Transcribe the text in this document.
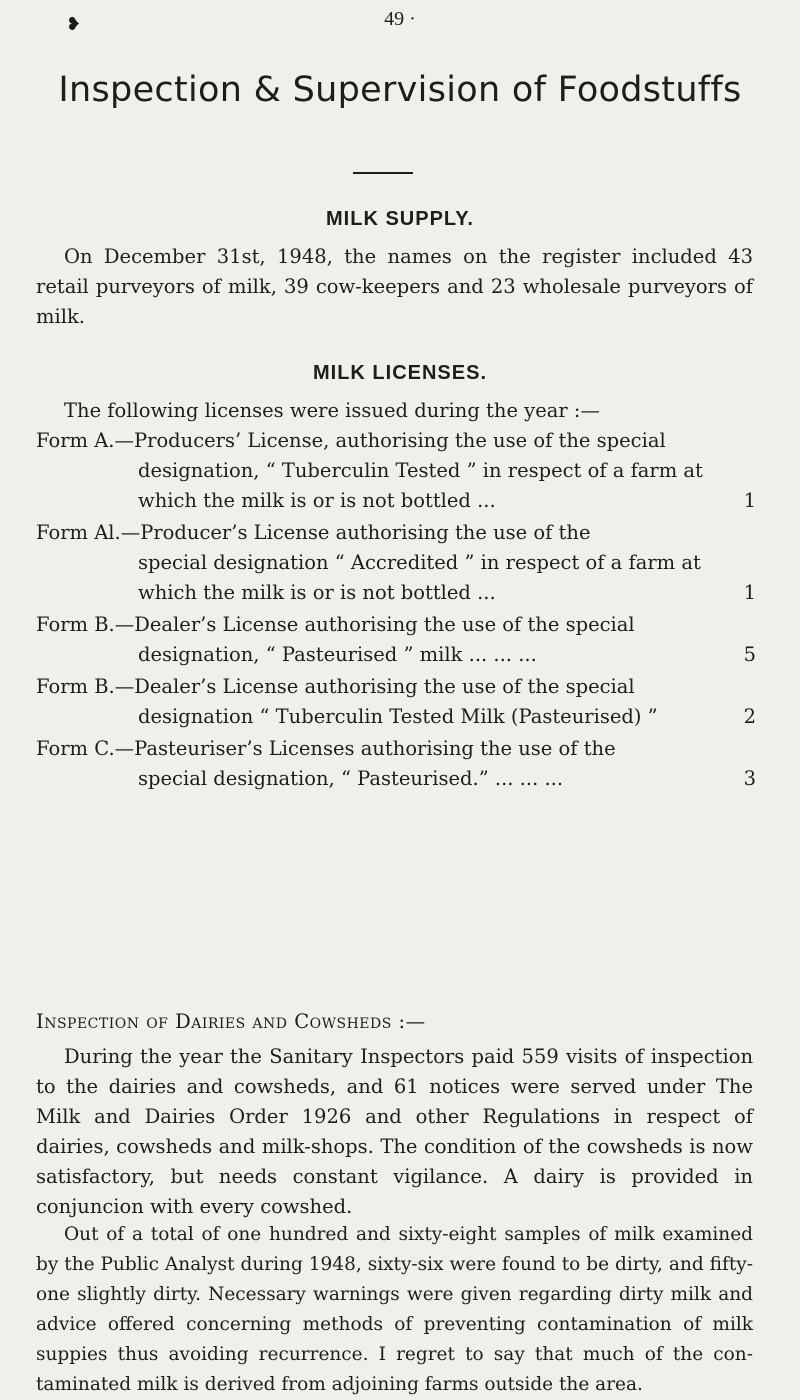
❥	49 ·
Inspection & Supervision of Foodstuffs
MILK SUPPLY.

On December 31st, 1948, the names on the register included 43 retail purveyors of milk, 39 cow-keepers and 23 wholesale purveyors of milk.

MILK LICENSES.

The following licenses were issued during the year :—

Form A.—Producers’ License, authorising the use of the special
designation, “ Tuberculin Tested ” in respect of a farm at which the milk is or is not bottled ...	1
Form Al.—Producer’s License authorising the use of the
special designation “ Accredited ” in respect of a farm at which the milk is or is not bottled ...	1
Form B.—Dealer’s License authorising the use of the special
designation, “ Pasteurised ” milk ... ... ...	5
Form B.—Dealer’s License authorising the use of the special
designation “ Tuberculin Tested Milk (Pasteurised) ”	2
Form C.—Pasteuriser’s Licenses authorising the use of the
special designation, “ Pasteurised.” ... ... ...	3
Inspection of Dairies and Cowsheds :—

During the year the Sanitary Inspectors paid 559 visits of inspection to the dairies and cowsheds, and 61 notices were served under The Milk and Dairies Order 1926 and other Regulations in respect of dairies, cowsheds and milk-shops. The condition of the cowsheds is now satisfactory, but needs constant vigilance. A dairy is provided in conjuncion with every cowshed.

Out of a total of one hundred and sixty-eight samples of milk examined by the Public Analyst during 1948, sixty-six were found to be dirty, and fifty-one slightly dirty. Necessary warnings were given regarding dirty milk and advice offered concerning methods of preventing contamination of milk suppies thus avoiding recurrence. I regret to say that much of the contaminated milk is derived from adjoining farms outside the area.
